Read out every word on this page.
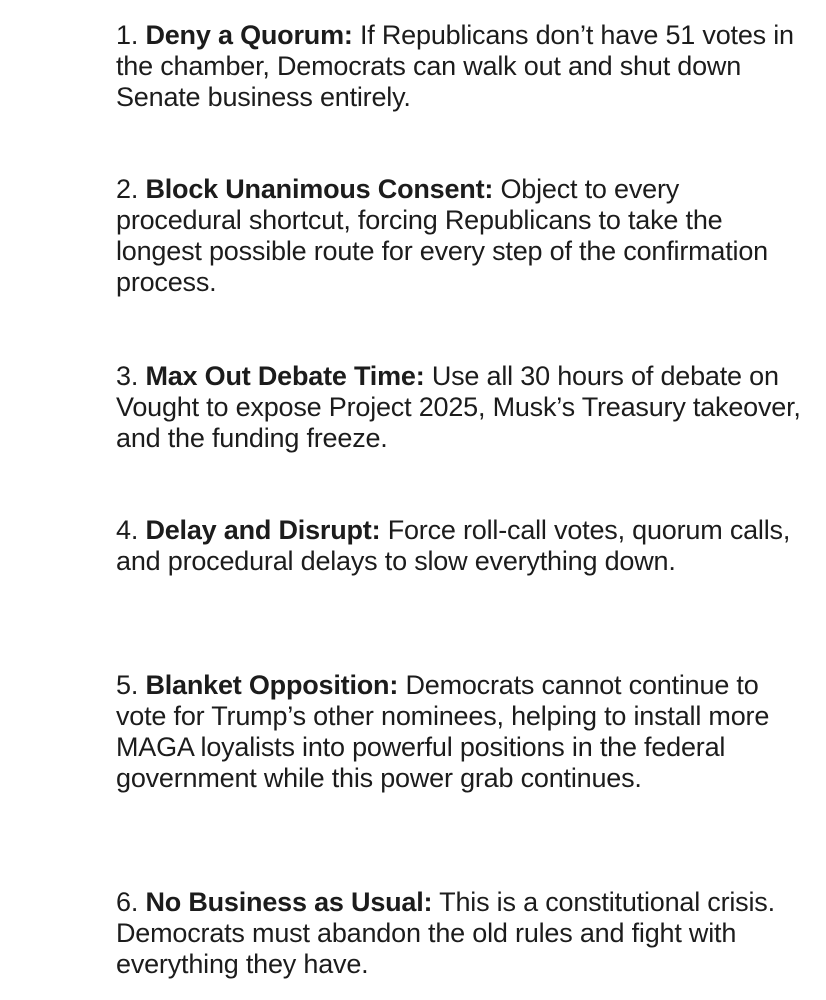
1. Deny a Quorum: If Republicans don’t have 51 votes in the chamber, Democrats can walk out and shut down Senate business entirely.
2. Block Unanimous Consent: Object to every procedural shortcut, forcing Republicans to take the longest possible route for every step of the confirmation process.
3. Max Out Debate Time: Use all 30 hours of debate on Vought to expose Project 2025, Musk’s Treasury takeover, and the funding freeze.
4. Delay and Disrupt: Force roll-call votes, quorum calls, and procedural delays to slow everything down.
5. Blanket Opposition: Democrats cannot continue to vote for Trump’s other nominees, helping to install more MAGA loyalists into powerful positions in the federal government while this power grab continues.
6. No Business as Usual: This is a constitutional crisis. Democrats must abandon the old rules and fight with everything they have.
